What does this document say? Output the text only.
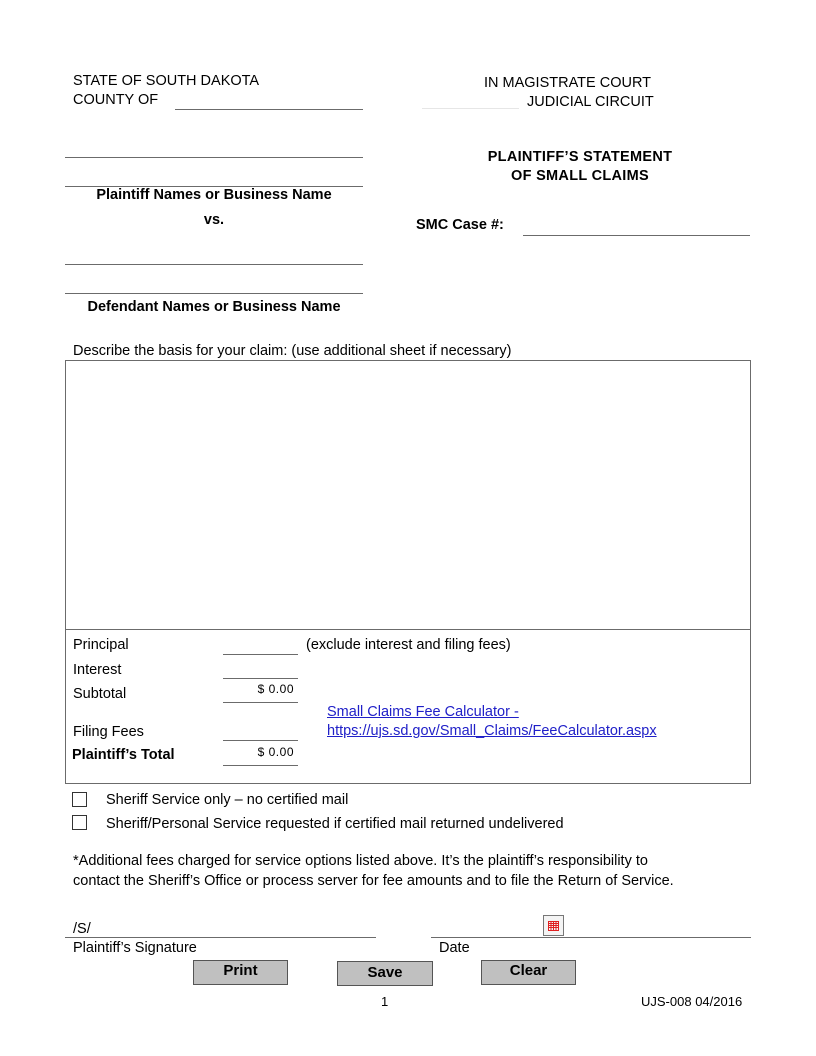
STATE OF SOUTH DAKOTA
COUNTY OF
IN MAGISTRATE COURT
JUDICIAL CIRCUIT
Plaintiff Names or Business Name
vs.
Defendant Names or Business Name
PLAINTIFF’S STATEMENT
OF SMALL CLAIMS
SMC Case #:
Describe the basis for your claim: (use additional sheet if necessary)
Principal	(exclude interest and filing fees)
Interest
Subtotal	$ 0.00
Filing Fees
Plaintiff’s Total	$ 0.00
Small Claims Fee Calculator -
https://ujs.sd.gov/Small_Claims/FeeCalculator.aspx
Sheriff Service only – no certified mail
Sheriff/Personal Service requested if certified mail returned undelivered
*Additional fees charged for service options listed above. It’s the plaintiff’s responsibility to
contact the Sheriff’s Office or process server for fee amounts and to file the Return of Service.
/S/
Plaintiff’s Signature	Date
Print	Save	Clear
1	UJS-008 04/2016
